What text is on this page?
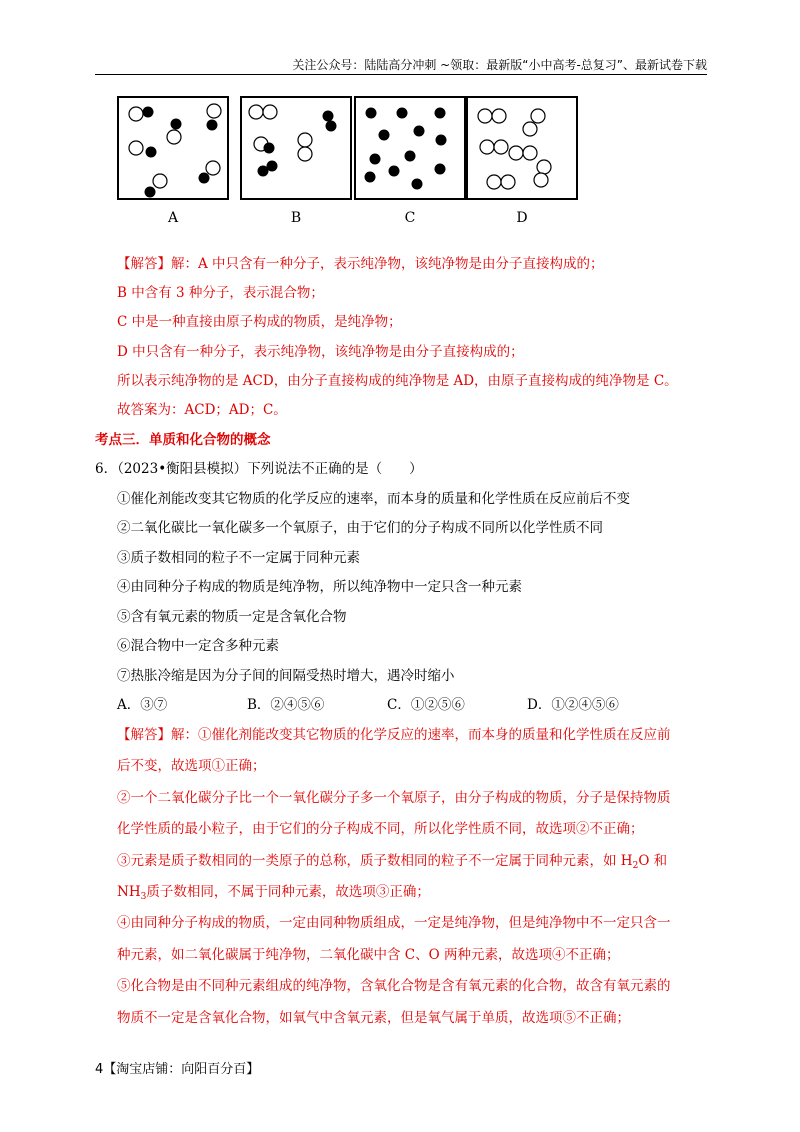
关注公众号：陆陆高分冲刺 ~领取：最新版“小中高考-总复习”、最新试卷下载
A	B	C	D
【解答】解：A 中只含有一种分子，表示纯净物，该纯净物是由分子直接构成的；
B 中含有 3 种分子，表示混合物；
C 中是一种直接由原子构成的物质，是纯净物；
D 中只含有一种分子，表示纯净物，该纯净物是由分子直接构成的；
所以表示纯净物的是 ACD，由分子直接构成的纯净物是 AD，由原子直接构成的纯净物是 C。
故答案为：ACD；AD；C。
考点三．单质和化合物的概念
6．（2023•衡阳县模拟）下列说法不正确的是（　　）
①催化剂能改变其它物质的化学反应的速率，而本身的质量和化学性质在反应前后不变
②二氧化碳比一氧化碳多一个氧原子，由于它们的分子构成不同所以化学性质不同
③质子数相同的粒子不一定属于同种元素
④由同种分子构成的物质是纯净物，所以纯净物中一定只含一种元素
⑤含有氧元素的物质一定是含氧化合物
⑥混合物中一定含多种元素
⑦热胀冷缩是因为分子间的间隔受热时增大，遇冷时缩小
A．③⑦	B．②④⑤⑥	C．①②⑤⑥	D．①②④⑤⑥
【解答】解：①催化剂能改变其它物质的化学反应的速率，而本身的质量和化学性质在反应前
后不变，故选项①正确；
②一个二氧化碳分子比一个一氧化碳分子多一个氧原子，由分子构成的物质，分子是保持物质
化学性质的最小粒子，由于它们的分子构成不同，所以化学性质不同，故选项②不正确；
③元素是质子数相同的一类原子的总称，质子数相同的粒子不一定属于同种元素，如 $H_2O$ 和
$NH_3$质子数相同，不属于同种元素，故选项③正确；
④由同种分子构成的物质，一定由同种物质组成，一定是纯净物，但是纯净物中不一定只含一
种元素，如二氧化碳属于纯净物，二氧化碳中含 C、O 两种元素，故选项④不正确；
⑤化合物是由不同种元素组成的纯净物，含氧化合物是含有氧元素的化合物，故含有氧元素的
物质不一定是含氧化合物，如氧气中含氧元素，但是氧气属于单质，故选项⑤不正确；
4【淘宝店铺：向阳百分百】
